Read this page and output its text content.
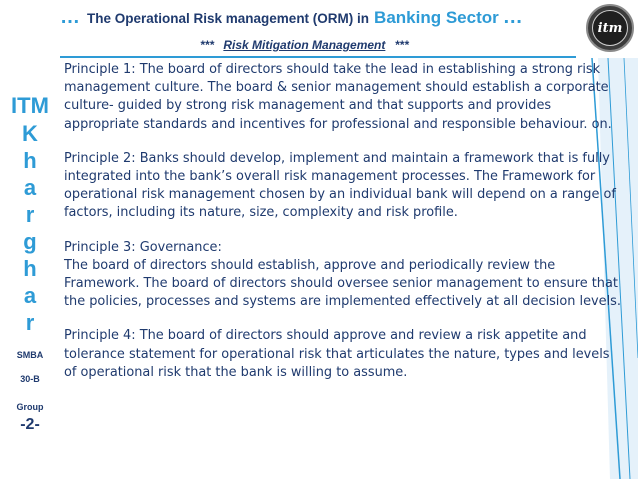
… The Operational Risk management (ORM) in Banking Sector …
*** Risk Mitigation Management ***
itm
ITM
K
h
a
r
g
h
a
r
SMBA
30-B
Group
-2-

Principle 1: The board of directors should take the lead in establishing a strong risk management culture. The board & senior management should establish a corporate culture- guided by strong risk management and that supports and provides appropriate standards and incentives for professional and responsible behaviour. on.

Principle 2: Banks should develop, implement and maintain a framework that is fully integrated into the bank’s overall risk management processes. The Framework for operational risk management chosen by an individual bank will depend on a range of factors, including its nature, size, complexity and risk profile.

Principle 3: Governance:
The board of directors should establish, approve and periodically review the Framework. The board of directors should oversee senior management to ensure that the policies, processes and systems are implemented effectively at all decision levels.

Principle 4: The board of directors should approve and review a risk appetite and tolerance statement for operational risk that articulates the nature, types and levels of operational risk that the bank is willing to assume.
